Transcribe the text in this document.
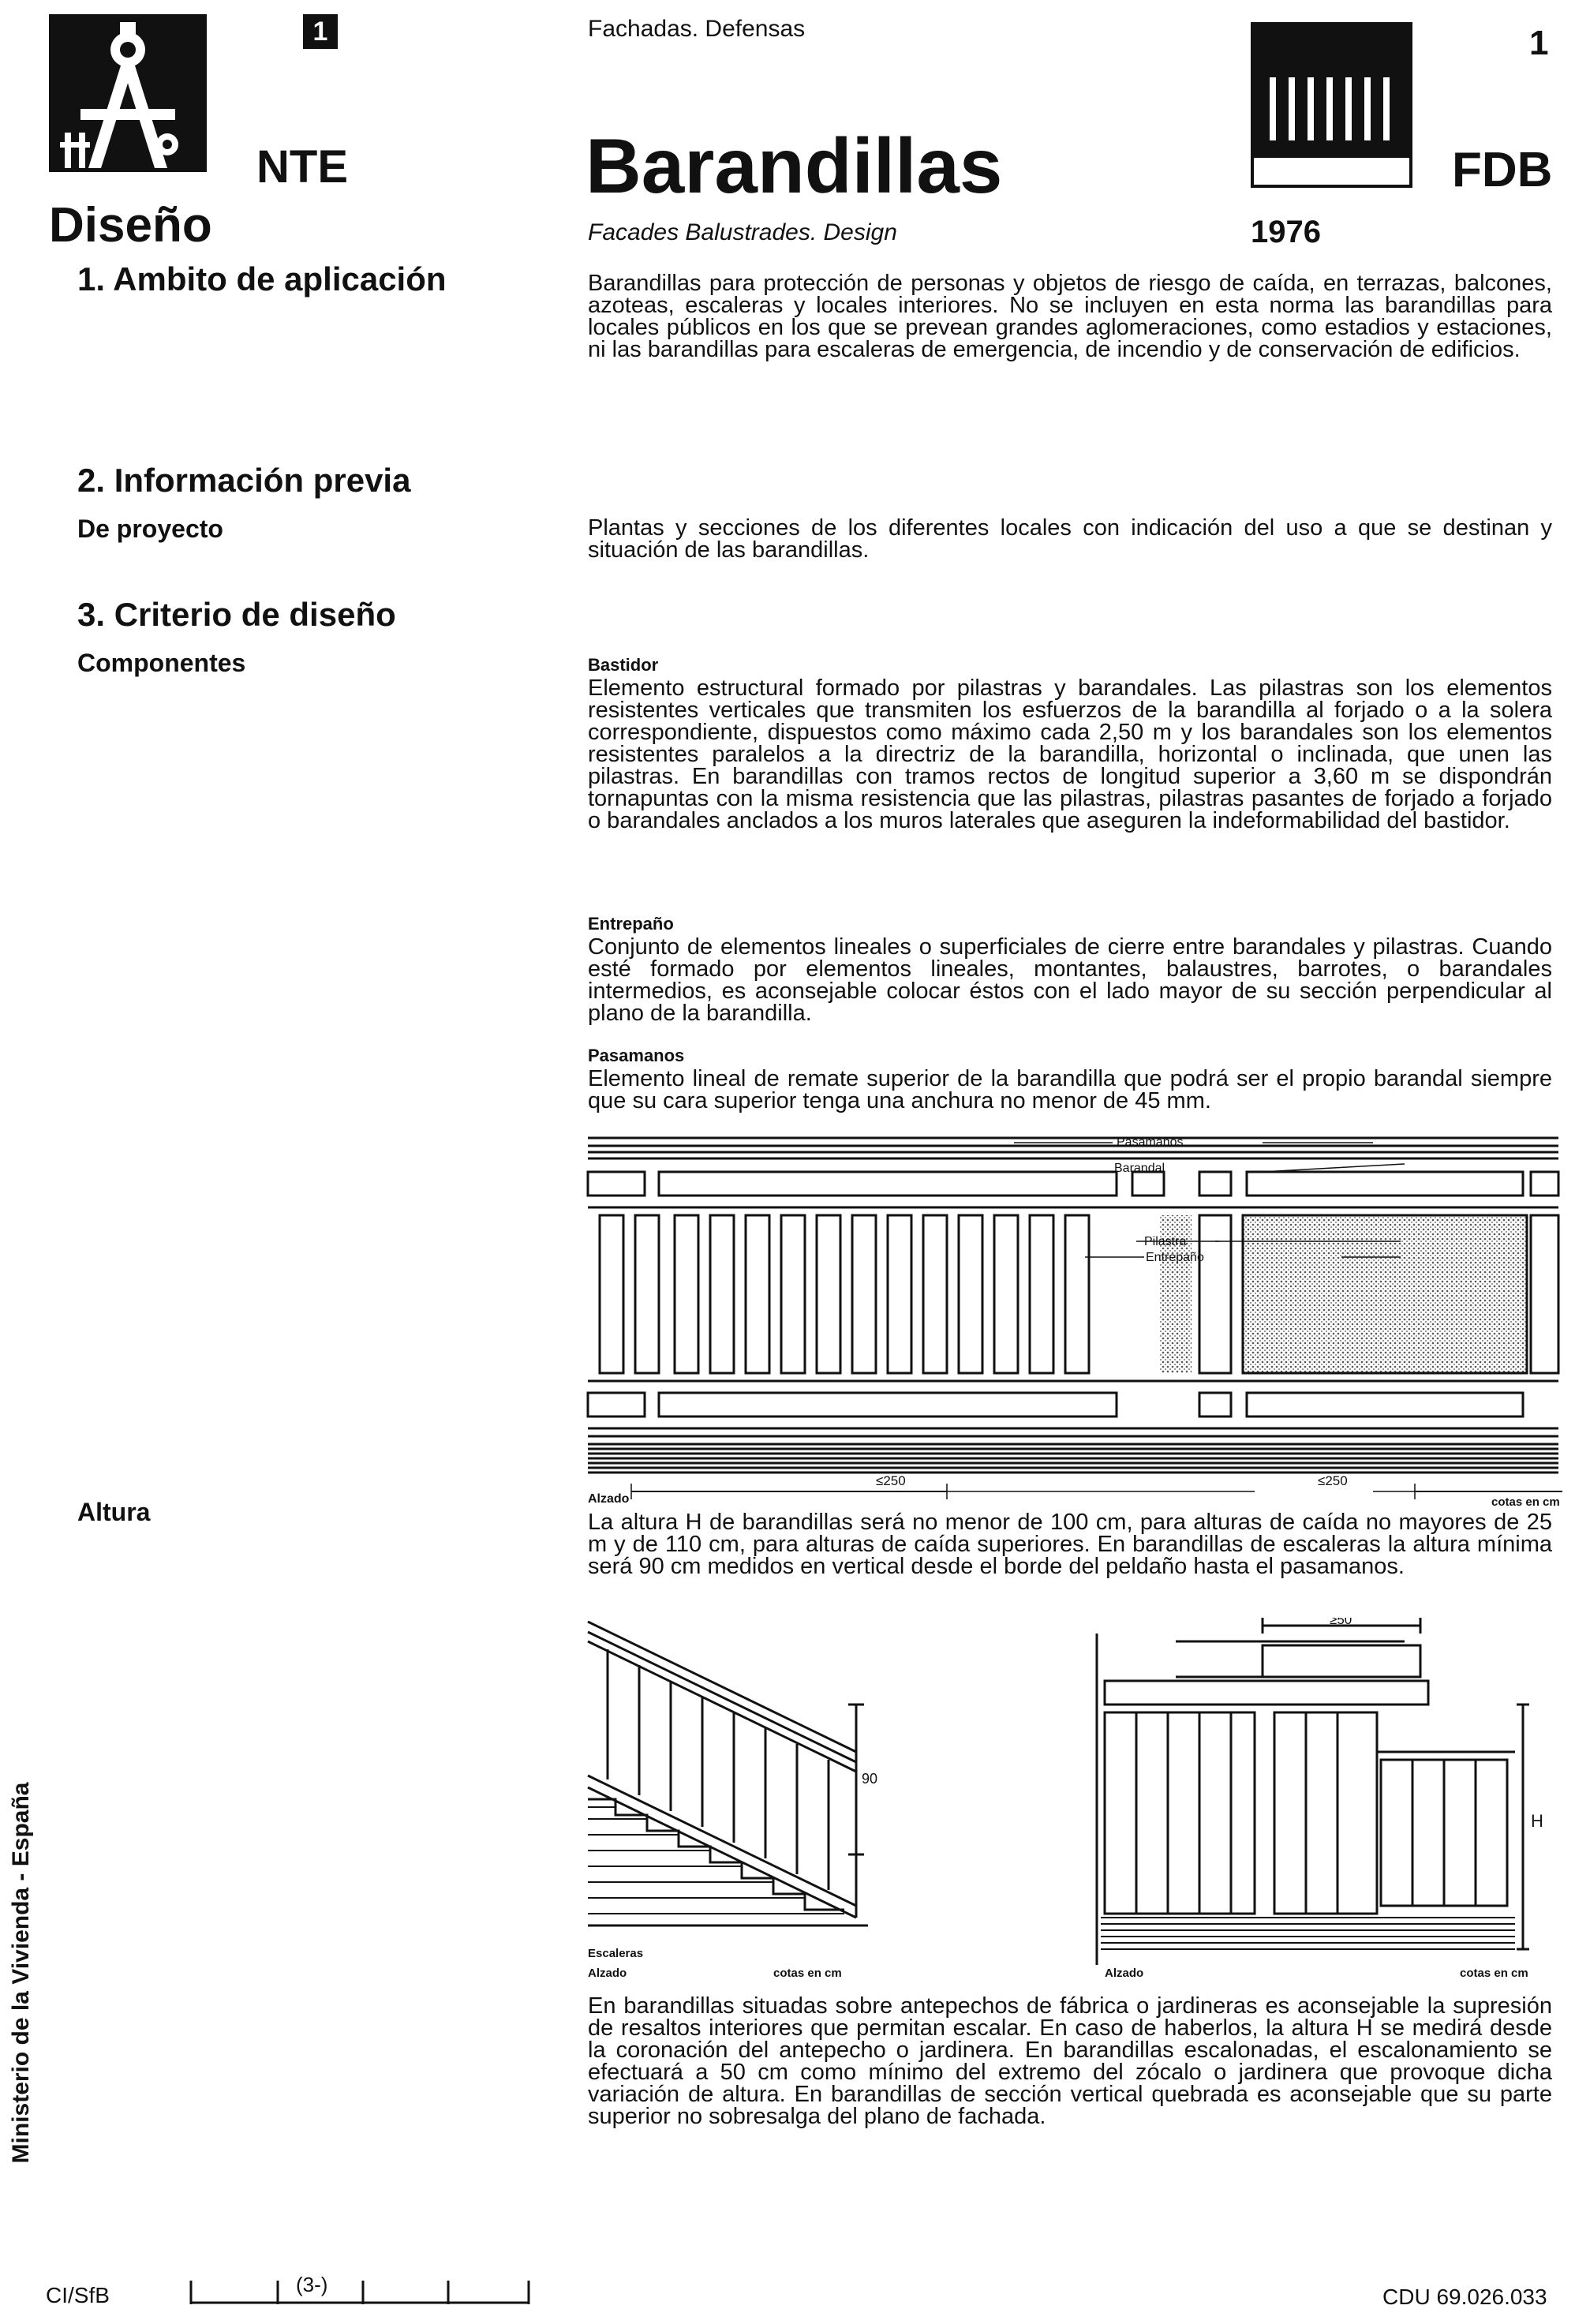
1
NTE
Diseño
Fachadas. Defensas
Barandillas
Facades Balustrades. Design
1
FDB
1976
1. Ambito de aplicación
2. Información previa
De proyecto
3. Criterio de diseño
Componentes
Altura
Barandillas para protección de personas y objetos de riesgo de caída, en terrazas, balcones, azoteas, escaleras y locales interiores. No se incluyen en esta norma las barandillas para locales públicos en los que se prevean grandes aglomeraciones, como estadios y estaciones, ni las barandillas para escaleras de emergencia, de incendio y de conservación de edificios.
Plantas y secciones de los diferentes locales con indicación del uso a que se destinan y situación de las barandillas.
Bastidor
Elemento estructural formado por pilastras y barandales. Las pilastras son los elementos resistentes verticales que transmiten los esfuerzos de la barandilla al forjado o a la solera correspondiente, dispuestos como máximo cada 2,50 m y los barandales son los elementos resistentes paralelos a la directriz de la barandilla, horizontal o inclinada, que unen las pilastras. En barandillas con tramos rectos de longitud superior a 3,60 m se dispondrán tornapuntas con la misma resistencia que las pilastras, pilastras pasantes de forjado a forjado o barandales anclados a los muros laterales que aseguren la indeformabilidad del bastidor.
Entrepaño
Conjunto de elementos lineales o superficiales de cierre entre barandales y pilastras. Cuando esté formado por elementos lineales, montantes, balaustres, barrotes, o barandales intermedios, es aconsejable colocar éstos con el lado mayor de su sección perpendicular al plano de la barandilla.
Pasamanos
Elemento lineal de remate superior de la barandilla que podrá ser el propio barandal siempre que su cara superior tenga una anchura no menor de 45 mm.
Pasamanos
Barandal
Pilastra
Entrepaño
≤250	≤250
Alzado	cotas en cm
La altura H de barandillas será no menor de 100 cm, para alturas de caída no mayores de 25 m y de 110 cm, para alturas de caída superiores. En barandillas de escaleras la altura mínima será 90 cm medidos en vertical desde el borde del peldaño hasta el pasamanos.
90
Escaleras
Alzado	cotas en cm
≥50
H
Alzado	cotas en cm
En barandillas situadas sobre antepechos de fábrica o jardineras es aconsejable la supresión de resaltos interiores que permitan escalar. En caso de haberlos, la altura H se medirá desde la coronación del antepecho o jardinera. En barandillas escalonadas, el escalonamiento se efectuará a 50 cm como mínimo del extremo del zócalo o jardinera que provoque dicha variación de altura. En barandillas de sección vertical quebrada es aconsejable que su parte superior no sobresalga del plano de fachada.
Ministerio de la Vivienda - España
CI/SfB	(3-)	CDU 69.026.033
